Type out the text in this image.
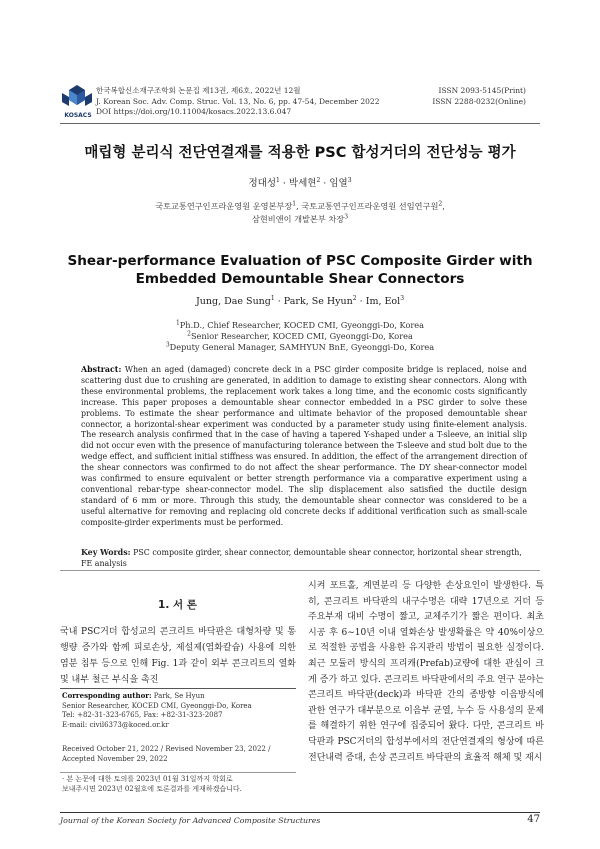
KOSACS
한국복합신소재구조학회 논문집 제13권, 제6호, 2022년 12월
J. Korean Soc. Adv. Comp. Struc. Vol. 13, No. 6, pp. 47-54, December 2022
DOI https://doi.org/10.11004/kosacs.2022.13.6.047
ISSN 2093-5145(Print)
ISSN 2288-0232(Online)
매립형 분리식 전단연결재를 적용한 PSC 합성거더의 전단성능 평가
정대성$^1$ · 박세현$^2$ · 임열$^3$
국토교통연구인프라운영원 운영본부장$^1$, 국토교통연구인프라운영원 선임연구원$^2$,
삼현비앤이 개발본부 차장$^3$
Shear-performance Evaluation of PSC Composite Girder with
Embedded Demountable Shear Connectors
Jung, Dae Sung$^1$ · Park, Se Hyun$^2$ · Im, Eol$^3$
$^1$Ph.D., Chief Researcher, KOCED CMI, Gyeonggi-Do, Korea
$^2$Senior Researcher, KOCED CMI, Gyeonggi-Do, Korea
$^3$Deputy General Manager, SAMHYUN BnE, Gyeonggi-Do, Korea
Abstract: When an aged (damaged) concrete deck in a PSC girder composite bridge is replaced, noise and scattering dust due to crushing are generated, in addition to damage to existing shear connectors. Along with these environmental problems, the replacement work takes a long time, and the economic costs significantly increase. This paper proposes a demountable shear connector embedded in a PSC girder to solve these problems. To estimate the shear performance and ultimate behavior of the proposed demountable shear connector, a horizontal-shear experiment was conducted by a parameter study using finite-element analysis. The research analysis confirmed that in the case of having a tapered Y-shaped under a T-sleeve, an initial slip did not occur even with the presence of manufacturing tolerance between the T-sleeve and stud bolt due to the wedge effect, and sufficient initial stiffness was ensured. In addition, the effect of the arrangement direction of the shear connectors was confirmed to do not affect the shear performance. The DY shear-connector model was confirmed to ensure equivalent or better strength performance via a comparative experiment using a conventional rebar-type shear-connector model. The slip displacement also satisfied the ductile design standard of 6 mm or more. Through this study, the demountable shear connector was considered to be a useful alternative for removing and replacing old concrete decks if additional verification such as small-scale composite-girder experiments must be performed.
Key Words: PSC composite girder, shear connector, demountable shear connector, horizontal shear strength, FE analysis
1. 서 론
국내 PSC거더 합성교의 콘크리트 바닥판은 대형차량 및 통행량 증가와 함께 피로손상, 제설제(염화칼슘) 사용에 의한 염분 침투 등으로 인해 Fig. 1과 같이 외부 콘크리트의 열화 및 내부 철근 부식을 촉진
시켜 포트홀, 계면분리 등 다양한 손상요인이 발생한다. 특히, 콘크리트 바닥판의 내구수명은 대략 17년으로 거더 등 주요부재 대비 수명이 짧고, 교체주기가 짧은 편이다. 최초 시공 후 6∼10년 이내 열화손상 발생확률은 약 40%이상으로 적절한 공법을 사용한 유지관리 방법이 필요한 실정이다. 최근 모듈러 방식의 프리캐(Prefab)교량에 대한 관심이 크게 증가 하고 있다. 콘크리트 바닥판에서의 주요 연구 분야는 콘크리트 바닥판(deck)과 바닥판 간의 종방향 이음방식에 관한 연구가 대부분으로 이음부 균열, 누수 등 사용성의 문제를 해결하기 위한 연구에 집중되어 왔다. 다만, 콘크리트 바닥판과 PSC거더의 합성부에서의 전단연결재의 형상에 따른 전단내력 증대, 손상 콘크리트 바닥판의 효율적 해체 및 재시
Corresponding author: Park, Se Hyun
Senior Researcher, KOCED CMI, Gyeonggi-Do, Korea
Tel: +82-31-323-6765, Fax: +82-31-323-2087
E-mail: civil6373@koced.or.kr
Received October 21, 2022 / Revised November 23, 2022 /
Accepted November 29, 2022
· 본 논문에 대한 토의를 2023년 01월 31일까지 학회로
보내주시면 2023년 02월호에 토론결과를 게재하겠습니다.
Journal of the Korean Society for Advanced Composite Structures	47
